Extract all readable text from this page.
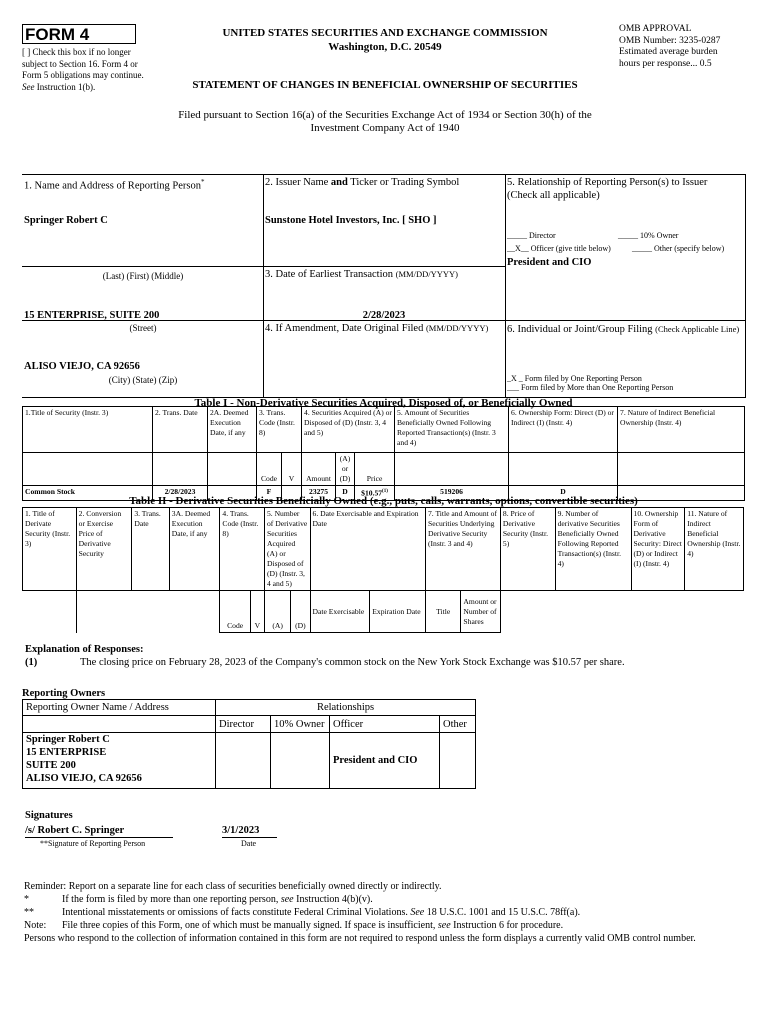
FORM 4
[ ] Check this box if no longer subject to Section 16. Form 4 or Form 5 obligations may continue. See Instruction 1(b).
UNITED STATES SECURITIES AND EXCHANGE COMMISSION
Washington, D.C. 20549
STATEMENT OF CHANGES IN BENEFICIAL OWNERSHIP OF SECURITIES
OMB APPROVAL
OMB Number: 3235-0287
Estimated average burden
hours per response... 0.5
Filed pursuant to Section 16(a) of the Securities Exchange Act of 1934 or Section 30(h) of the
Investment Company Act of 1940
1. Name and Address of Reporting Person*
Springer Robert C
(Last) (First) (Middle)
15 ENTERPRISE, SUITE 200
(Street)
ALISO VIEJO, CA 92656
(City) (State) (Zip)
2. Issuer Name and Ticker or Trading Symbol
Sunstone Hotel Investors, Inc. [ SHO ]
3. Date of Earliest Transaction (MM/DD/YYYY)
2/28/2023
4. If Amendment, Date Original Filed (MM/DD/YYYY)
5. Relationship of Reporting Person(s) to Issuer
(Check all applicable)
_____ Director	_____ 10% Owner
__X__ Officer (give title below)	_____ Other (specify below)
President and CIO
6. Individual or Joint/Group Filing (Check Applicable Line)
_X _ Form filed by One Reporting Person
___ Form filed by More than One Reporting Person
Table I - Non-Derivative Securities Acquired, Disposed of, or Beneficially Owned
1.Title of Security (Instr. 3)	2. Trans. Date	2A. Deemed Execution Date, if any	3. Trans. Code (Instr. 8)		4. Securities Acquired (A) or Disposed of (D) (Instr. 3, 4 and 5)			5. Amount of Securities Beneficially Owned Following Reported Transaction(s) (Instr. 3 and 4)	6. Ownership Form: Direct (D) or Indirect (I) (Instr. 4)	7. Nature of Indirect Beneficial Ownership (Instr. 4)
			Code	V	Amount	(A) or (D)	Price			
Common Stock	2/28/2023		F		23275	D	$10.57$^{(1)}$	519206	D	
Table II - Derivative Securities Beneficially Owned (e.g., puts, calls, warrants, options, convertible securities)
1. Title of Derivate Security (Instr. 3)	2. Conversion or Exercise Price of Derivative Security	3. Trans. Date	3A. Deemed Execution Date, if any	4. Trans. Code (Instr. 8)		5. Number of Derivative Securities Acquired (A) or Disposed of (D) (Instr. 3, 4 and 5)		6. Date Exercisable and Expiration Date		7. Title and Amount of Securities Underlying Derivative Security (Instr. 3 and 4)		8. Price of Derivative Security (Instr. 5)	9. Number of derivative Securities Beneficially Owned Following Reported Transaction(s) (Instr. 4)	10. Ownership Form of Derivative Security: Direct (D) or Indirect (I) (Instr. 4)	11. Nature of Indirect Beneficial Ownership (Instr. 4)
				Code	V	(A)	(D)	Date Exercisable	Expiration Date	Title	Amount or Number of Shares				
Explanation of Responses:
(1)	The closing price on February 28, 2023 of the Company's common stock on the New York Stock Exchange was $10.57 per share.
Reporting Owners
Reporting Owner Name / Address	Relationships			
	Director	10% Owner	Officer	Other

Springer Robert C
15 ENTERPRISE
SUITE 200
ALISO VIEJO, CA 92656			President and CIO	
Signatures
/s/ Robert C. Springer	3/1/2023
**Signature of Reporting Person	Date
Reminder: Report on a separate line for each class of securities beneficially owned directly or indirectly.
*	If the form is filed by more than one reporting person, see Instruction 4(b)(v).
**	Intentional misstatements or omissions of facts constitute Federal Criminal Violations. See 18 U.S.C. 1001 and 15 U.S.C. 78ff(a).
Note: File three copies of this Form, one of which must be manually signed. If space is insufficient, see Instruction 6 for procedure.
Persons who respond to the collection of information contained in this form are not required to respond unless the form displays a currently valid OMB control number.
